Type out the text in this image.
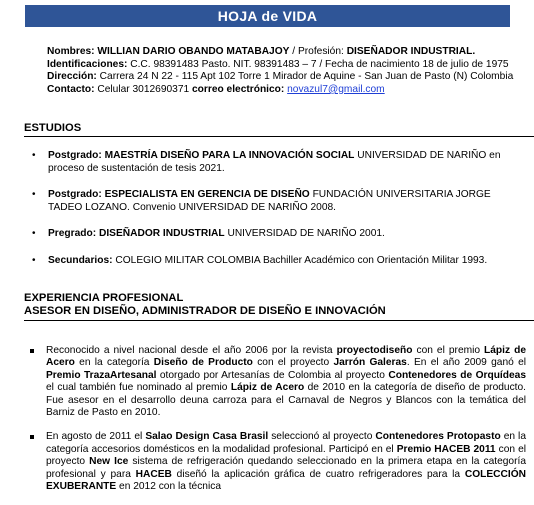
HOJA de VIDA
Nombres: WILLIAN DARIO OBANDO MATABAJOY / Profesión: DISEÑADOR INDUSTRIAL.
Identificaciones: C.C. 98391483 Pasto. NIT. 98391483 – 7 / Fecha de nacimiento 18 de julio de 1975
Dirección: Carrera 24 N 22 - 115 Apt 102 Torre 1 Mirador de Aquine - San Juan de Pasto (N) Colombia
Contacto: Celular 3012690371 correo electrónico: novazul7@gmail.com
ESTUDIOS
• Postgrado: MAESTRÍA DISEÑO PARA LA INNOVACIÓN SOCIAL UNIVERSIDAD DE NARIÑO en proceso de sustentación de tesis 2021.
• Postgrado: ESPECIALISTA EN GERENCIA DE DISEÑO FUNDACIÓN UNIVERSITARIA JORGE TADEO LOZANO. Convenio UNIVERSIDAD DE NARIÑO 2008.
• Pregrado: DISEÑADOR INDUSTRIAL UNIVERSIDAD DE NARIÑO 2001.
• Secundarios: COLEGIO MILITAR COLOMBIA Bachiller Académico con Orientación Militar 1993.
EXPERIENCIA PROFESIONAL
ASESOR EN DISEÑO, ADMINISTRADOR DE DISEÑO E INNOVACIÓN
Reconocido a nivel nacional desde el año 2006 por la revista proyectodiseño con el premio Lápiz de Acero en la categoría Diseño de Producto con el proyecto Jarrón Galeras. En el año 2009 ganó el Premio TrazaArtesanal otorgado por Artesanías de Colombia al proyecto Contenedores de Orquídeas el cual también fue nominado al premio Lápiz de Acero de 2010 en la categoría de diseño de producto. Fue asesor en el desarrollo deuna carroza para el Carnaval de Negros y Blancos con la temática del Barniz de Pasto en 2010.
En agosto de 2011 el Salao Design Casa Brasil seleccionó al proyecto Contenedores Protopasto en la categoría accesorios domésticos en la modalidad profesional. Participó en el Premio HACEB 2011 con el proyecto New Ice sistema de refrigeración quedando seleccionado en la primera etapa en la categoría profesional y para HACEB diseñó la aplicación gráfica de cuatro refrigeradores para la COLECCIÓN EXUBERANTE en 2012 con la técnica
